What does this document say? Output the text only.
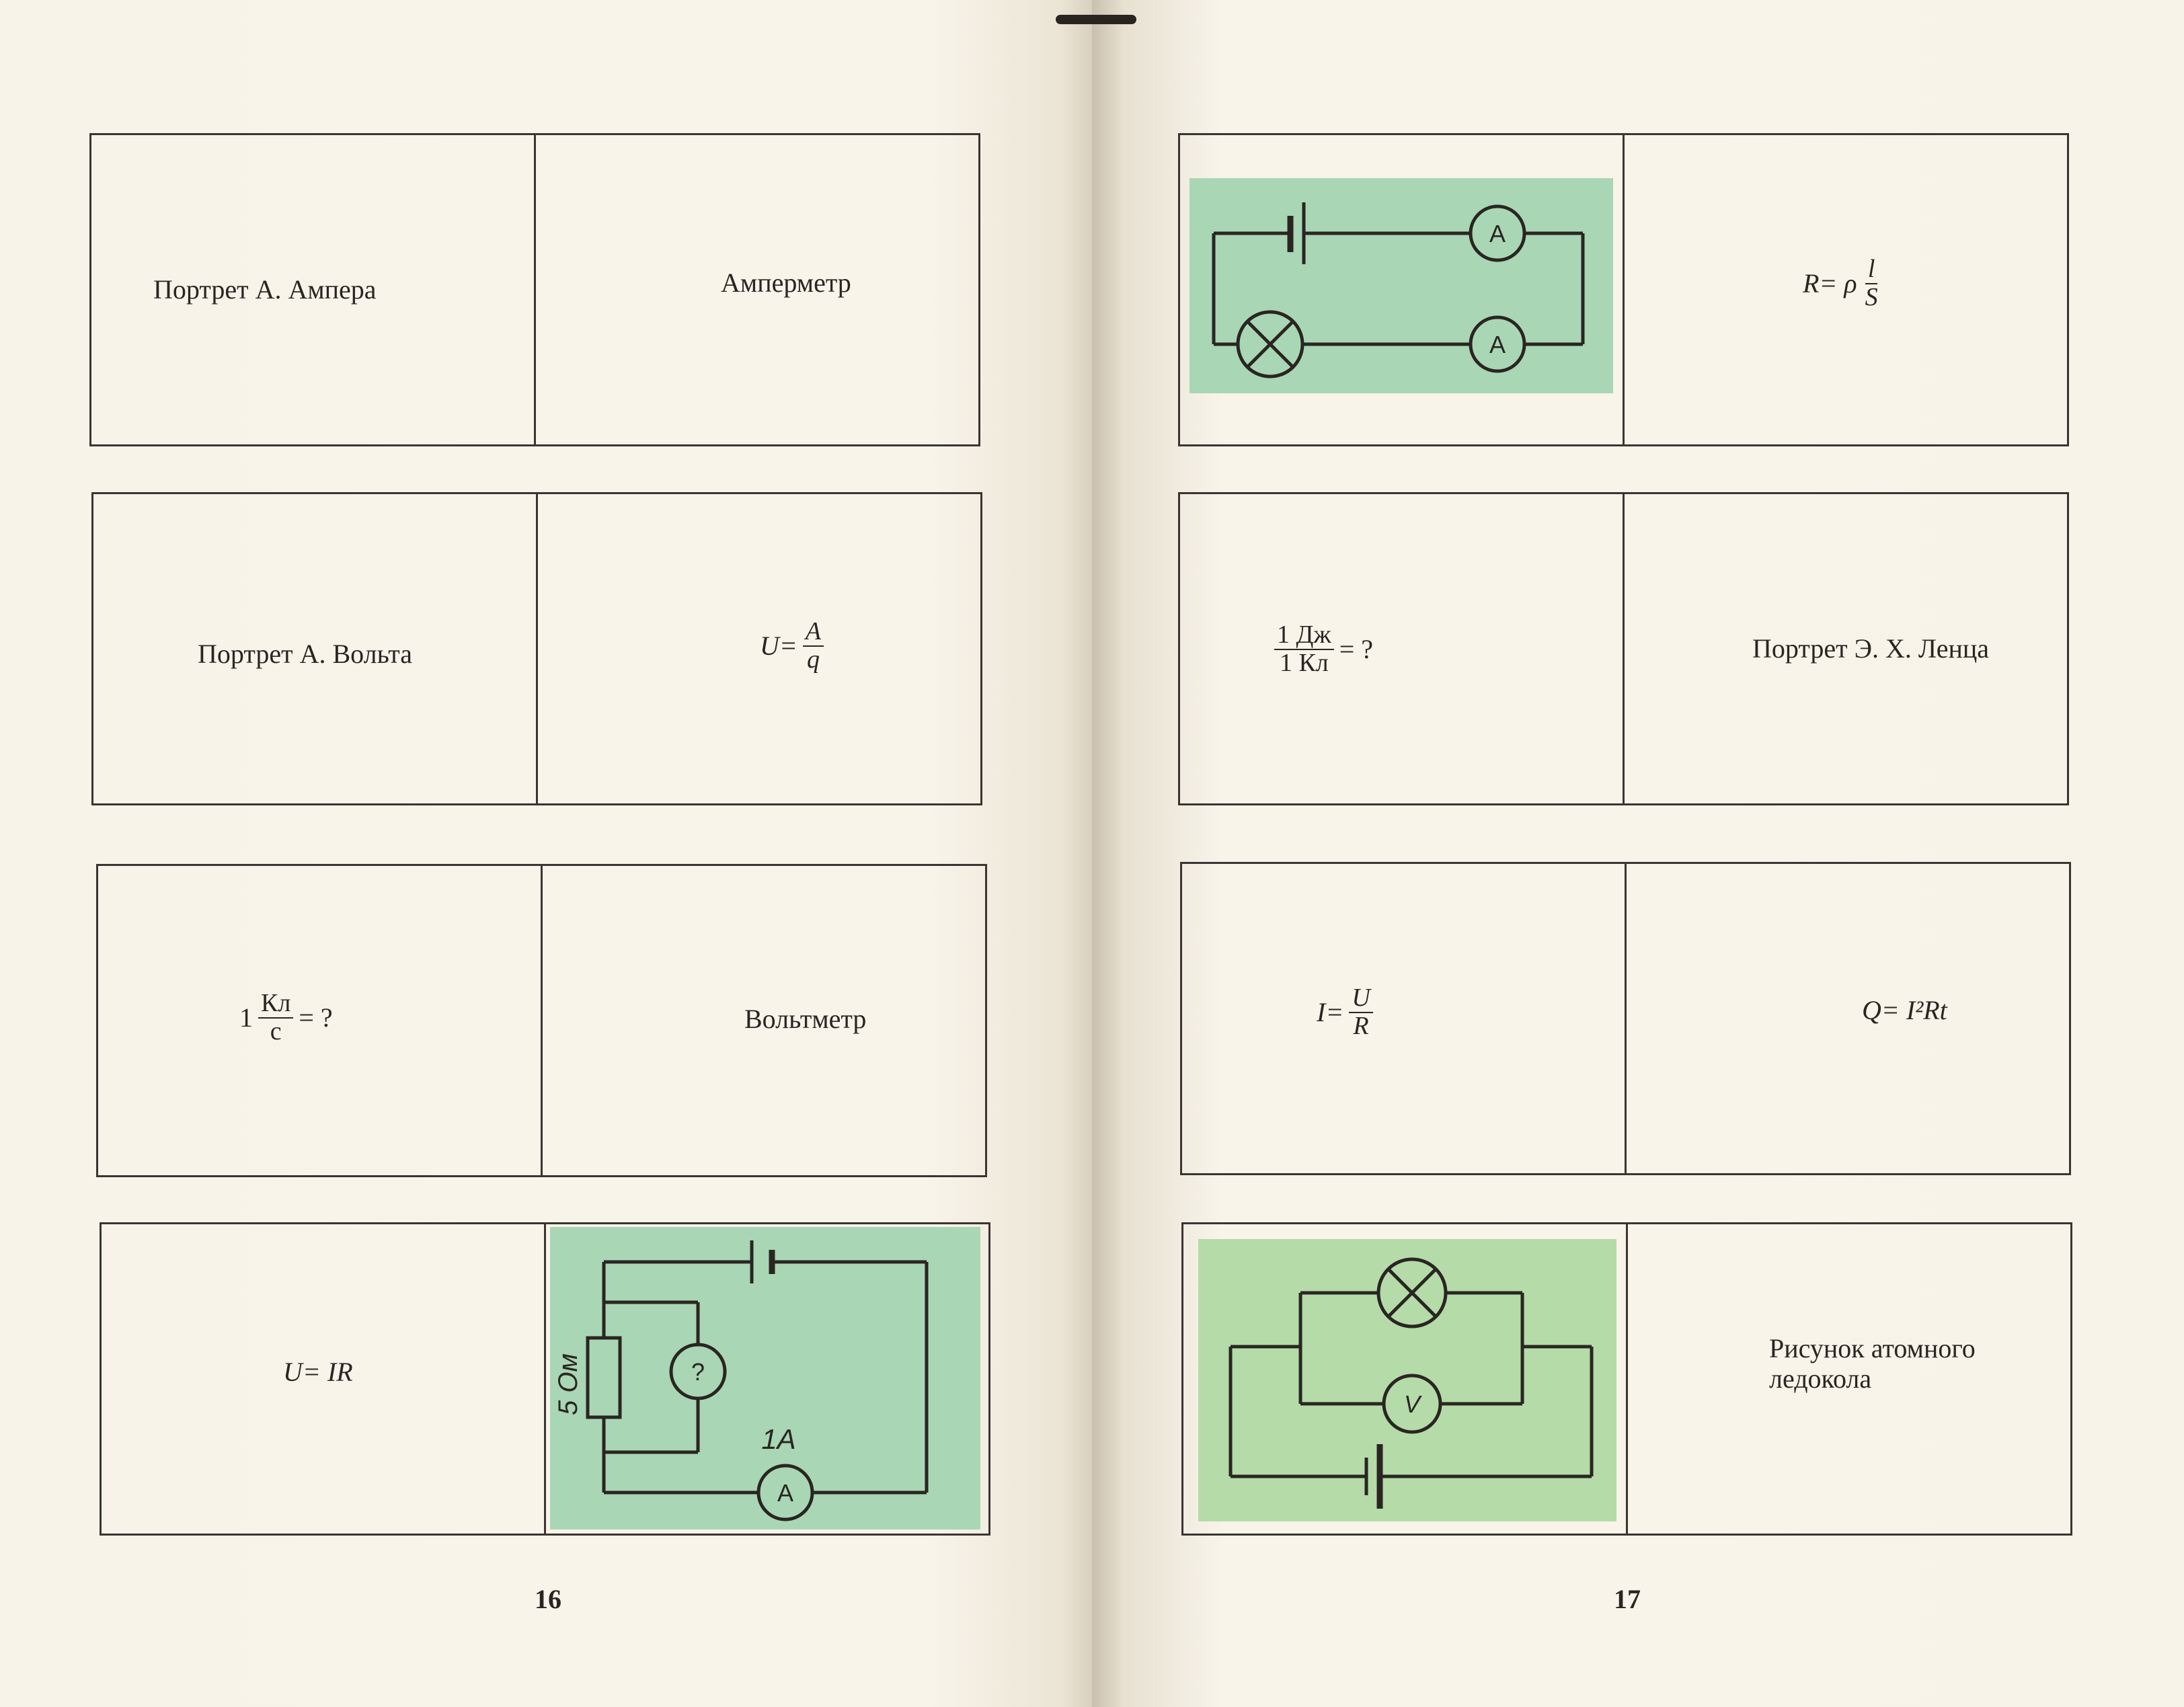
Портрет А. Ампера	Амперметр
Портрет А. Вольта	$U= \frac{A}{q}$
$1 \frac{Кл}{с}$ = ?	Вольтметр
U= IR	?
A
1A
5 Ом
16
A
A
R= ρ $\frac{l}{S}$
$\frac{1 Дж}{1 Кл}$ = ?	Портрет Э. Х. Ленца
$I= \frac{U}{R}$	Q= I²Rt
V
Рисунок атомного
ледокола
17
